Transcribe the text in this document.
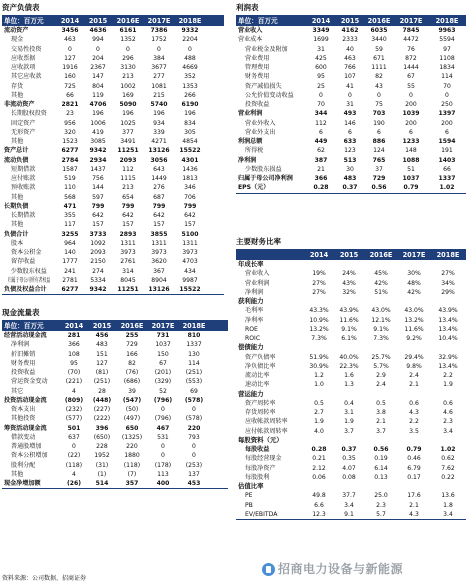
资产负债表
单位：百万元	2014	2015	2016E	2017E	2018E
流动资产	3456	4636	6161	7386	9332
现金	463	994	1352	1752	2204
交易性投资	0	0	0	0	0
应收票据	127	204	296	384	488
应收款项	1916	2367	3130	3677	4669
其它应收款	160	147	213	277	352
存货	725	804	1002	1081	1353
其他	66	119	169	215	266
非流动资产	2821	4706	5090	5740	6190
长期股权投资	23	196	196	196	196
固定资产	956	1006	1025	934	834
无形资产	320	419	377	339	305
其他	1523	3085	3491	4271	4854
资产总计	6277	9342	11251	13126	15522
流动负债	2784	2934	2093	3056	4301
短期借款	1587	1437	112	643	1436
应付账款	519	756	1115	1449	1813
预收账款	110	144	213	276	346
其他	568	597	654	687	706
长期负债	471	799	799	799	799
长期借款	355	642	642	642	642
其他	117	157	157	157	157
负债合计	3255	3733	2893	3855	5100
股本	964	1092	1311	1311	1311
资本公积金	140	2093	3973	3973	3973
留存收益	1777	2150	2761	3620	4703
少数股东权益	241	274	314	367	434
归属于母公司所有者权益	2781	5334	8045	8904	9987
负债及权益合计	6277	9342	11251	13126	15522
现金流量表
单位：百万元	2014	2015	2016E	2017E	2018E
经营活动现金流	281	456	255	731	810
净利润	366	483	729	1037	1337
折旧摊销	108	151	166	150	130
财务费用	95	127	82	67	114
投资收益	(70)	(81)	(76)	(201)	(251)
营运资金变动	(221)	(251)	(686)	(329)	(553)
其它	4	28	39	52	69
投资活动现金流	(809)	(448)	(547)	(796)	(578)
资本支出	(232)	(227)	(50)	0	0
其他投资	(577)	(222)	(497)	(796)	(578)
筹资活动现金流	501	396	650	467	220
借款变动	637	(650)	(1325)	531	793
普通股增加	0	228	220	0	0
资本公积增加	(22)	1952	1880	0	0
股利分配	(118)	(31)	(118)	(178)	(253)
其他	4	(1)	(7)	113	137
现金净增加额	(26)	514	357	400	453
利润表
单位：百万元	2014	2015	2016E	2017E	2018E
营业收入	3349	4162	6035	7845	9963
营业成本	1699	2333	3440	4472	5594
营业税金及附加	31	40	59	76	97
营业费用	425	463	671	872	1108
管理费用	600	766	1111	1444	1834
财务费用	95	107	82	67	114
资产减值损失	25	41	43	55	70
公允价值变动收益	0	0	0	0	0
投资收益	70	31	75	200	250
营业利润	344	493	703	1039	1397
营业外收入	112	146	190	200	200
营业外支出	6	6	6	6	6
利润总额	449	633	886	1233	1594
所得税	62	123	124	148	191
净利润	387	513	765	1088	1403
少数股东损益	21	30	37	51	66
归属于母公司净利润	366	483	729	1037	1337
EPS（元）	0.28	0.37	0.56	0.79	1.02
主要财务比率
2014	2015	2016E	2017E	2018E
年成长率
营业收入	19%	24%	45%	30%	27%
营业利润	27%	43%	42%	48%	34%
净利润	27%	32%	51%	42%	29%
获利能力
毛利率	43.3%	43.9%	43.0%	43.0%	43.9%
净利率	10.9%	11.6%	12.1%	13.2%	13.4%
ROE	13.2%	9.1%	9.1%	11.6%	13.4%
ROIC	7.3%	6.1%	7.3%	9.2%	10.4%
偿债能力
资产负债率	51.9%	40.0%	25.7%	29.4%	32.9%
净负债比率	30.9%	22.3%	5.7%	9.8%	13.4%
流动比率	1.2	1.6	2.9	2.4	2.2
速动比率	1.0	1.3	2.4	2.1	1.9
营运能力
资产周转率	0.5	0.4	0.5	0.6	0.6
存货周转率	2.7	3.1	3.8	4.3	4.6
应收帐款周转率	1.9	1.9	2.1	2.2	2.3
应付帐款周转率	4.0	3.7	3.7	3.5	3.4
每股资料（元）
每股收益	0.28	0.37	0.56	0.79	1.02
每股经营现金	0.21	0.35	0.19	0.46	0.62
每股净资产	2.12	4.07	6.14	6.79	7.62
每股股利	0.06	0.08	0.13	0.17	0.22
估值比率
PE	49.8	37.7	25.0	17.6	13.6
PB	6.6	3.4	2.3	2.1	1.8
EV/EBITDA	12.3	9.1	5.7	4.3	3.4
资料来源：公司数据、招商证券
招商电力设备与新能源
